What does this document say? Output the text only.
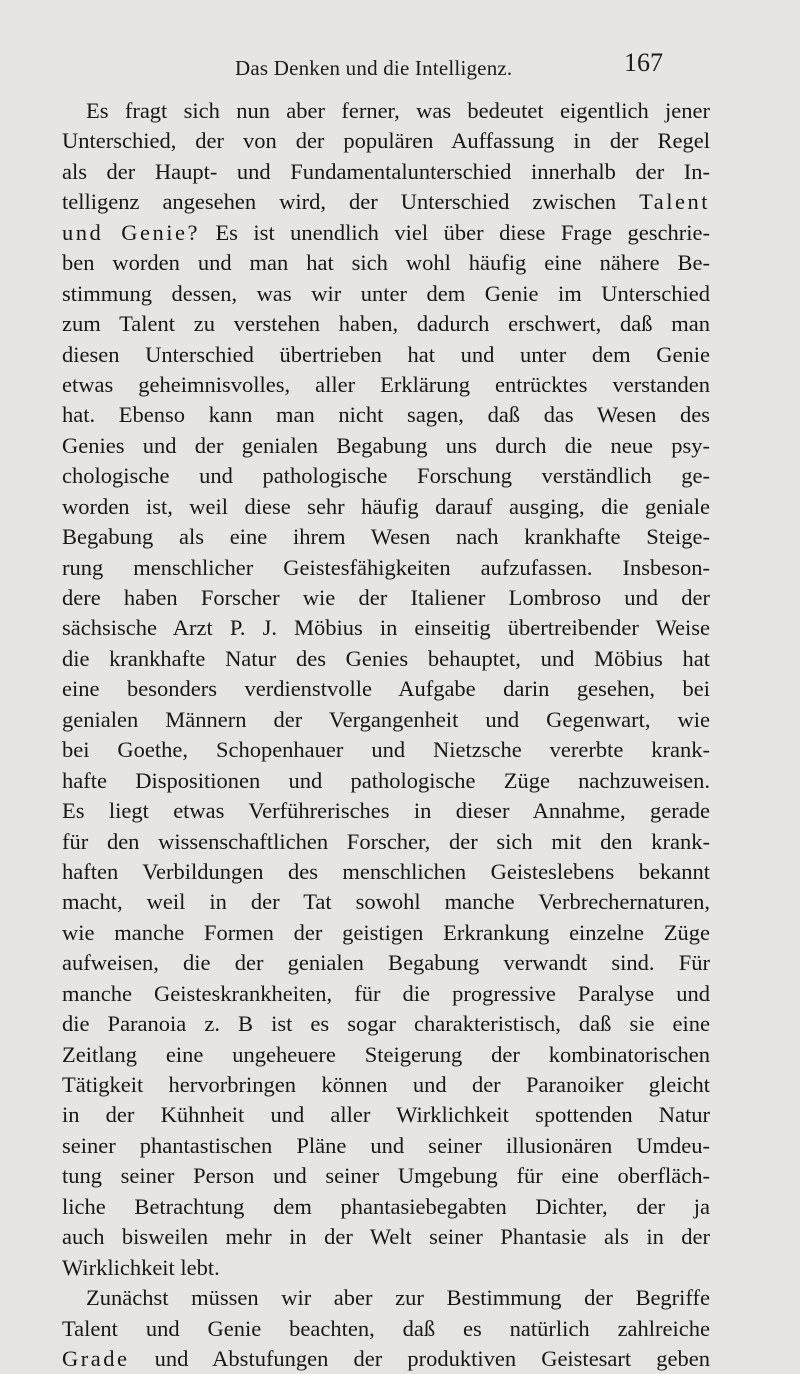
Das Denken und die Intelligenz.	167
Es fragt sich nun aber ferner, was bedeutet eigentlich jener
Unterschied, der von der populären Auffassung in der Regel
als der Haupt- und Fundamentalunterschied innerhalb der In-
telligenz angesehen wird, der Unterschied zwischen Talent
und Genie? Es ist unendlich viel über diese Frage geschrie-
ben worden und man hat sich wohl häufig eine nähere Be-
stimmung dessen, was wir unter dem Genie im Unterschied
zum Talent zu verstehen haben, dadurch erschwert, daß man
diesen Unterschied übertrieben hat und unter dem Genie
etwas geheimnisvolles, aller Erklärung entrücktes verstanden
hat. Ebenso kann man nicht sagen, daß das Wesen des
Genies und der genialen Begabung uns durch die neue psy-
chologische und pathologische Forschung verständlich ge-
worden ist, weil diese sehr häufig darauf ausging, die geniale
Begabung als eine ihrem Wesen nach krankhafte Steige-
rung menschlicher Geistesfähigkeiten aufzufassen. Insbeson-
dere haben Forscher wie der Italiener Lombroso und der
sächsische Arzt P. J. Möbius in einseitig übertreibender Weise
die krankhafte Natur des Genies behauptet, und Möbius hat
eine besonders verdienstvolle Aufgabe darin gesehen, bei
genialen Männern der Vergangenheit und Gegenwart, wie
bei Goethe, Schopenhauer und Nietzsche vererbte krank-
hafte Dispositionen und pathologische Züge nachzuweisen.
Es liegt etwas Verführerisches in dieser Annahme, gerade
für den wissenschaftlichen Forscher, der sich mit den krank-
haften Verbildungen des menschlichen Geisteslebens bekannt
macht, weil in der Tat sowohl manche Verbrechernaturen,
wie manche Formen der geistigen Erkrankung einzelne Züge
aufweisen, die der genialen Begabung verwandt sind. Für
manche Geisteskrankheiten, für die progressive Paralyse und
die Paranoia z. B ist es sogar charakteristisch, daß sie eine
Zeitlang eine ungeheuere Steigerung der kombinatorischen
Tätigkeit hervorbringen können und der Paranoiker gleicht
in der Kühnheit und aller Wirklichkeit spottenden Natur
seiner phantastischen Pläne und seiner illusionären Umdeu-
tung seiner Person und seiner Umgebung für eine oberfläch-
liche Betrachtung dem phantasiebegabten Dichter, der ja
auch bisweilen mehr in der Welt seiner Phantasie als in der
Wirklichkeit lebt.
Zunächst müssen wir aber zur Bestimmung der Begriffe
Talent und Genie beachten, daß es natürlich zahlreiche
Grade und Abstufungen der produktiven Geistesart geben
